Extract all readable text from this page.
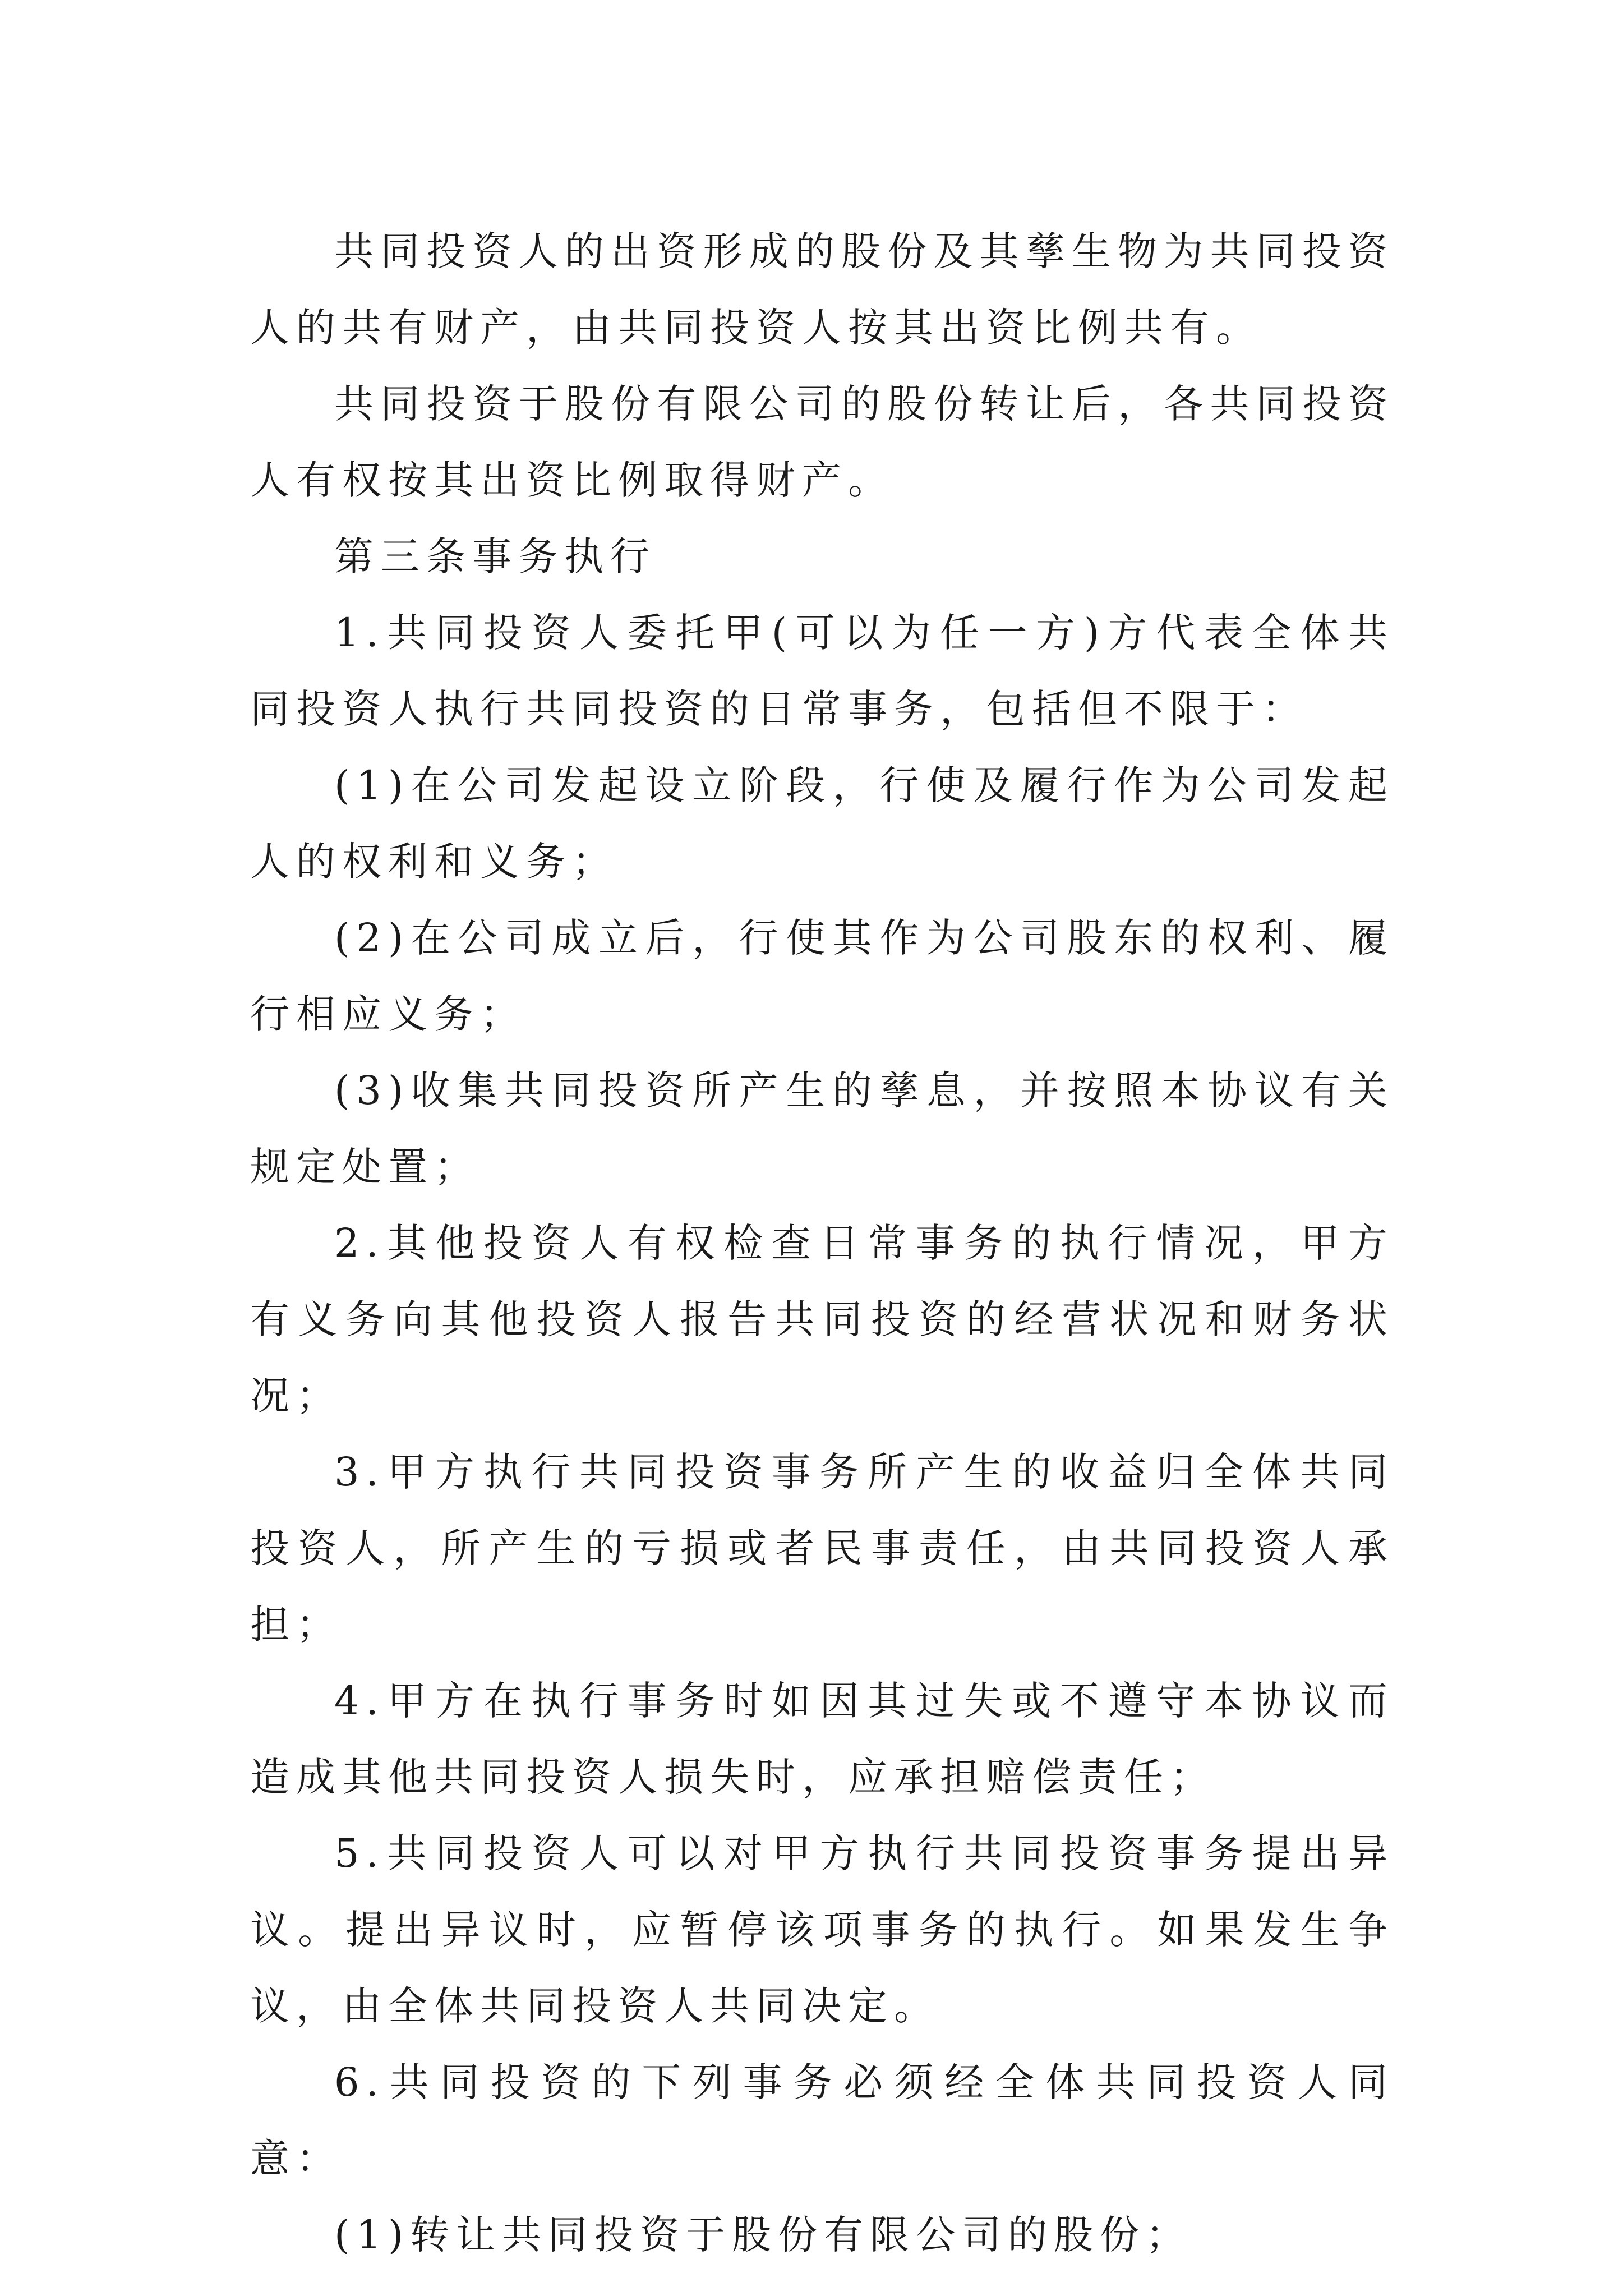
共同投资人的出资形成的股份及其孳生物为共同投资人的共有财产，由共同投资人按其出资比例共有。

共同投资于股份有限公司的股份转让后，各共同投资人有权按其出资比例取得财产。

第三条事务执行

1.共同投资人委托甲(可以为任一方)方代表全体共同投资人执行共同投资的日常事务，包括但不限于：

(1)在公司发起设立阶段，行使及履行作为公司发起人的权利和义务；

(2)在公司成立后，行使其作为公司股东的权利、履行相应义务；

(3)收集共同投资所产生的孳息，并按照本协议有关规定处置；

2.其他投资人有权检查日常事务的执行情况，甲方有义务向其他投资人报告共同投资的经营状况和财务状况；

3.甲方执行共同投资事务所产生的收益归全体共同投资人，所产生的亏损或者民事责任，由共同投资人承担；

4.甲方在执行事务时如因其过失或不遵守本协议而造成其他共同投资人损失时，应承担赔偿责任；

5.共同投资人可以对甲方执行共同投资事务提出异议。提出异议时，应暂停该项事务的执行。如果发生争议，由全体共同投资人共同决定。

6.共同投资的下列事务必须经全体共同投资人同意：

(1)转让共同投资于股份有限公司的股份；
